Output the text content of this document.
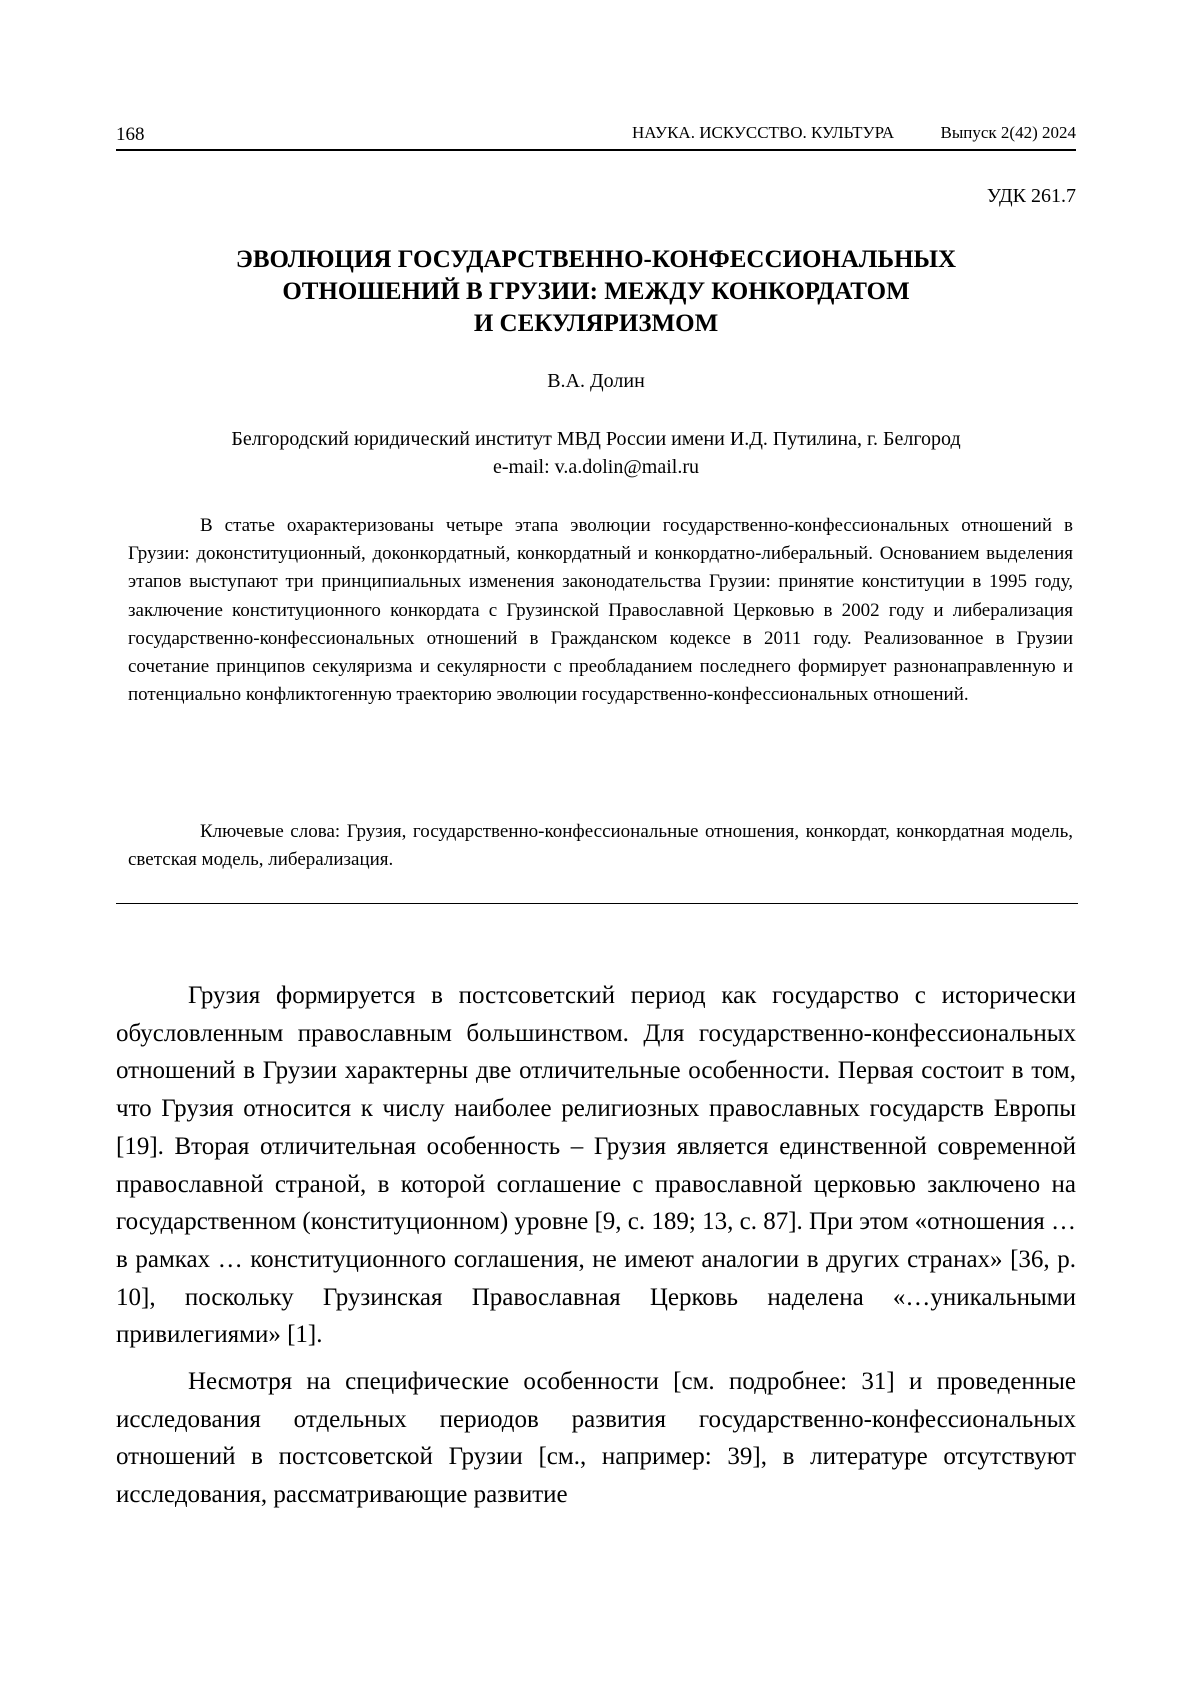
168	НАУКА. ИСКУССТВО. КУЛЬТУРА	Выпуск 2(42) 2024
УДК 261.7
ЭВОЛЮЦИЯ ГОСУДАРСТВЕННО-КОНФЕССИОНАЛЬНЫХ
ОТНОШЕНИЙ В ГРУЗИИ: МЕЖДУ КОНКОРДАТОМ
И СЕКУЛЯРИЗМОМ
В.А. Долин
Белгородский юридический институт МВД России имени И.Д. Путилина, г. Белгород
e-mail: v.a.dolin@mail.ru

В статье охарактеризованы четыре этапа эволюции государственно-конфессиональных отношений в Грузии: доконституционный, доконкордатный, конкордатный и конкордатно-либеральный. Основанием выделения этапов выступают три принципиальных изменения законодательства Грузии: принятие конституции в 1995 году, заключение конституционного конкордата с Грузинской Православной Церковью в 2002 году и либерализация государственно-конфессиональных отношений в Гражданском кодексе в 2011 году. Реализованное в Грузии сочетание принципов секуляризма и секулярности с преобладанием последнего формирует разнонаправленную и потенциально конфликтогенную траекторию эволюции государственно-конфессиональных отношений.

Ключевые слова: Грузия, государственно-конфессиональные отношения, конкордат, конкордатная модель, светская модель, либерализация.

Грузия формируется в постсоветский период как государство с исторически обусловленным православным большинством. Для государственно-конфессиональных отношений в Грузии характерны две отличительные особенности. Первая состоит в том, что Грузия относится к числу наиболее религиозных православных государств Европы [19]. Вторая отличительная особенность – Грузия является единственной современной православной страной, в которой соглашение с православной церковью заключено на государственном (конституционном) уровне [9, с. 189; 13, с. 87]. При этом «отношения … в рамках … конституционного соглашения, не имеют аналогии в других странах» [36, p. 10], поскольку Грузинская Православная Церковь наделена «…уникальными привилегиями» [1].

Несмотря на специфические особенности [см. подробнее: 31] и проведенные исследования отдельных периодов развития государственно-конфессиональных отношений в постсоветской Грузии [см., например: 39], в литературе отсутствуют исследования, рассматривающие развитие
